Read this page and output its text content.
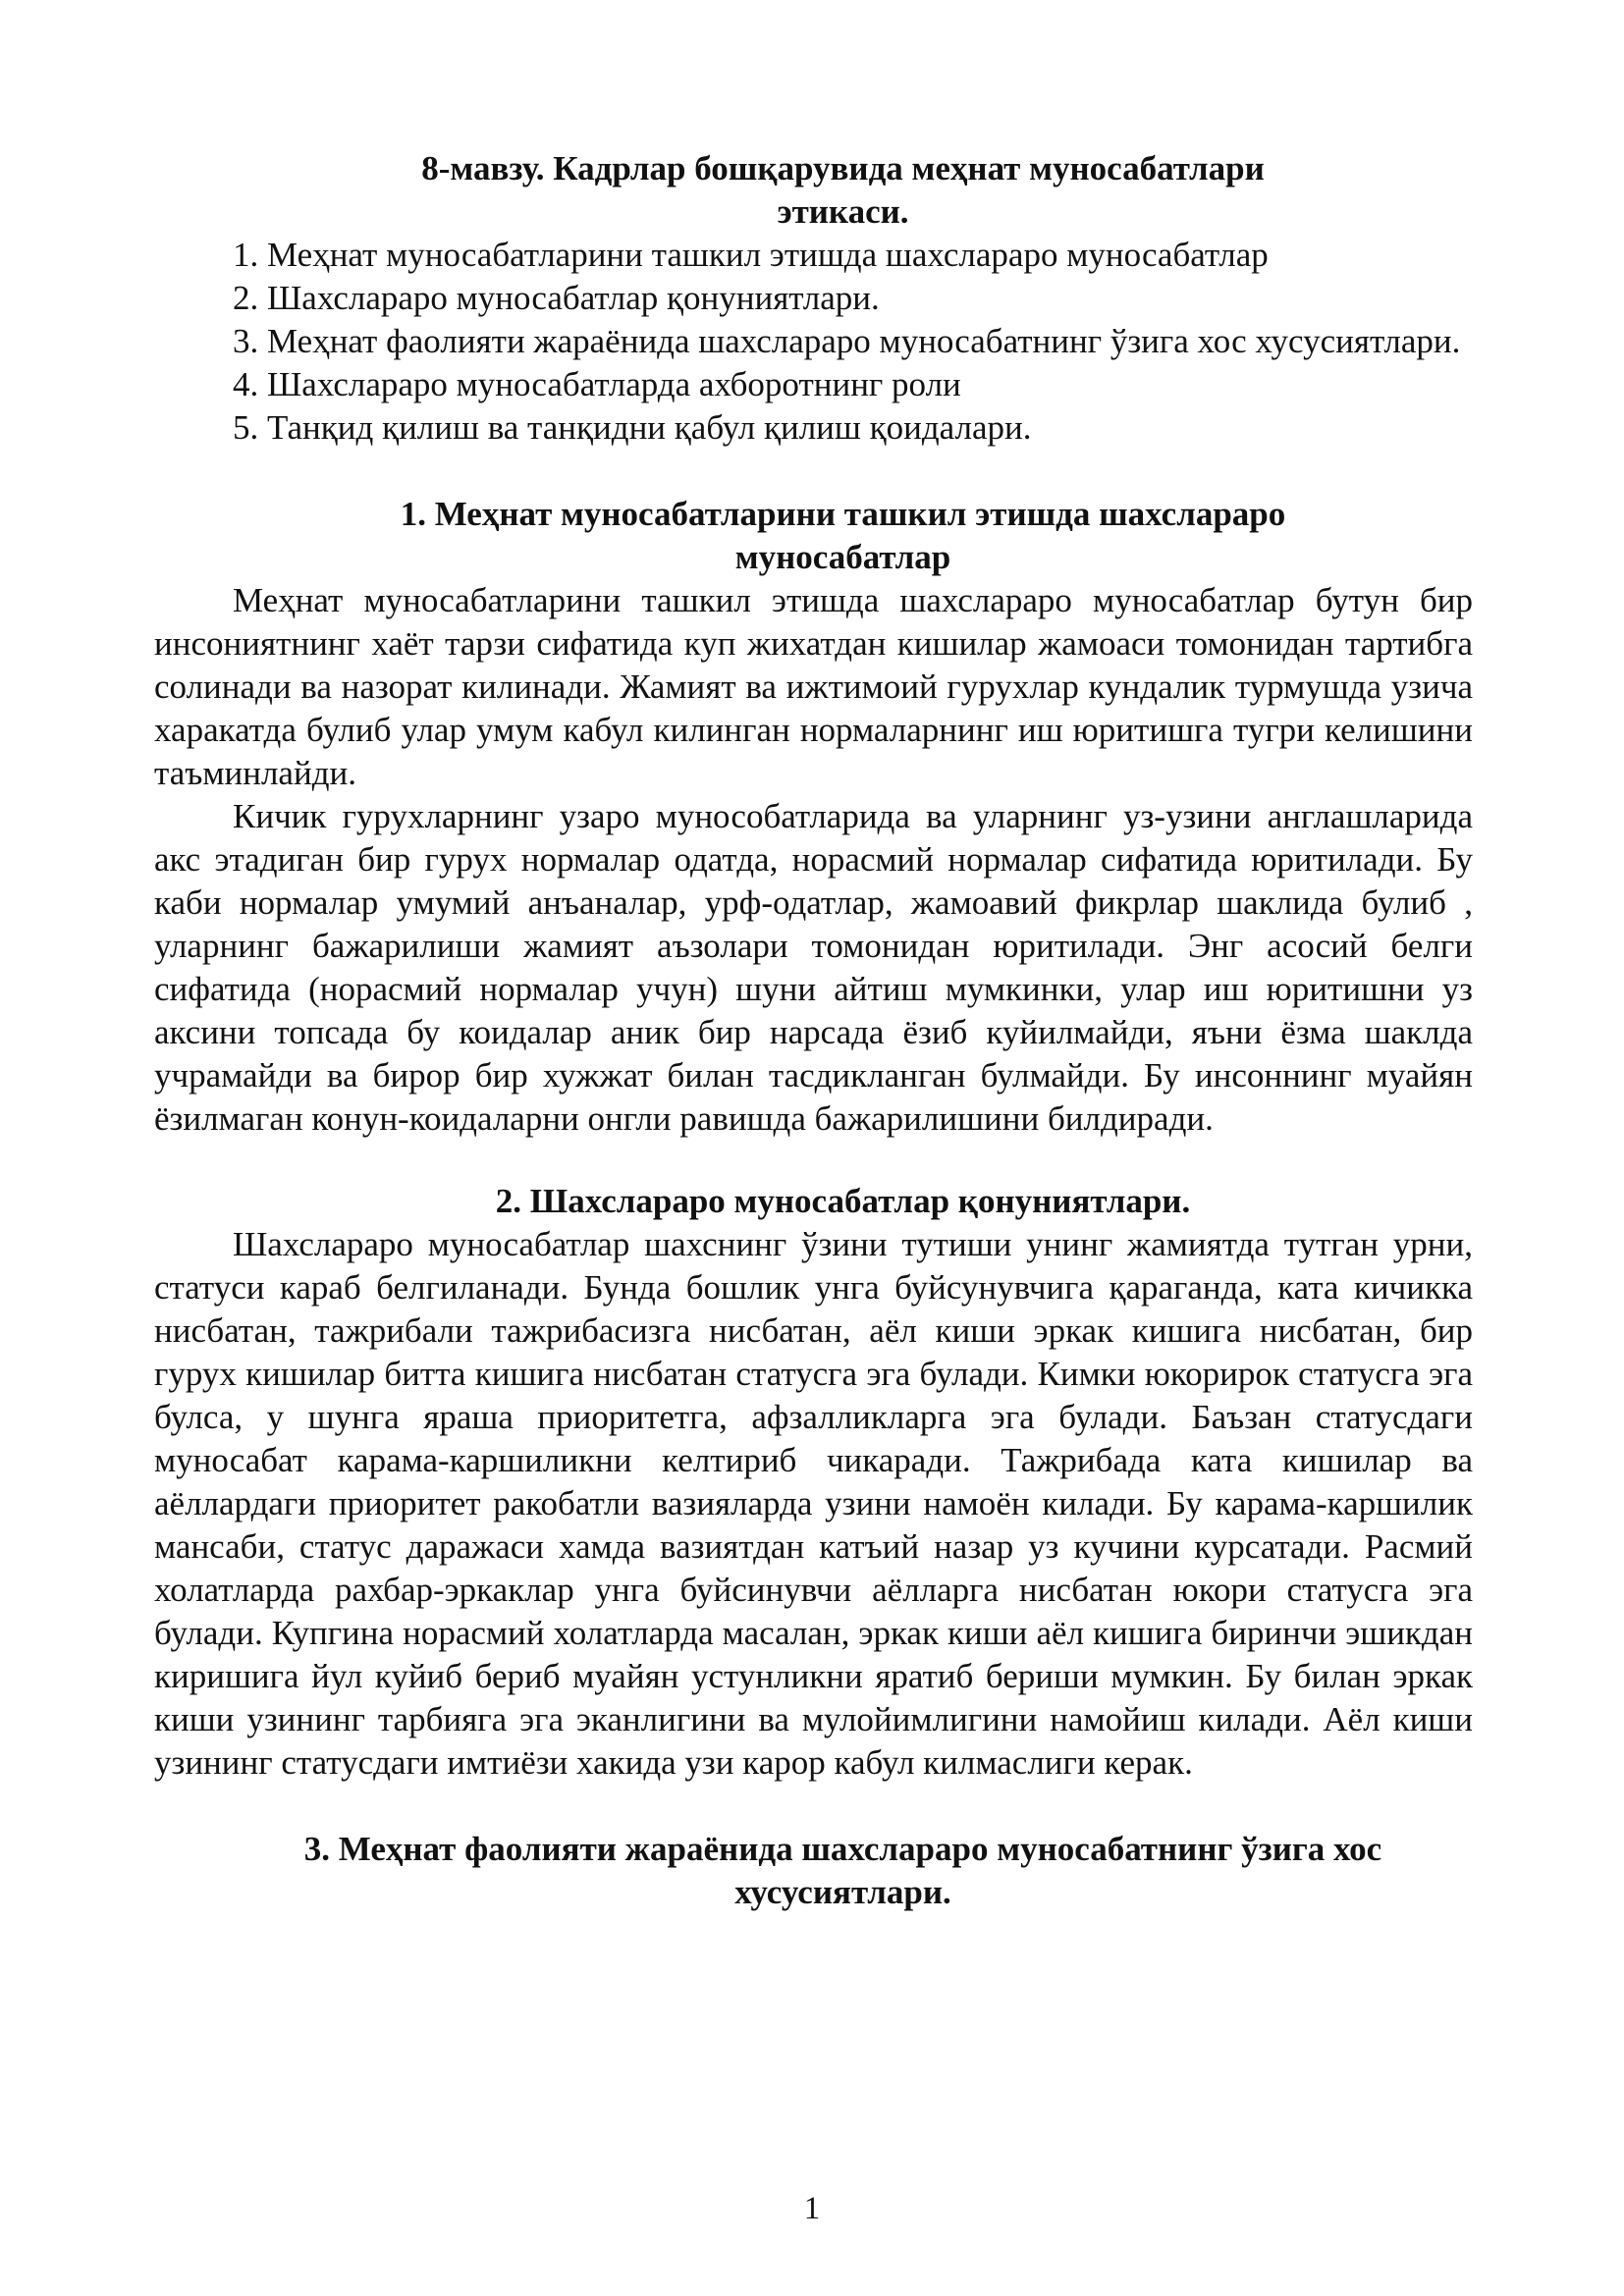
8-мавзу. Кадрлар бошқарувида меҳнат муносабатлари
этикаси.
1. Меҳнат муносабатларини ташкил этишда шахслараро муносабатлар
2. Шахслараро муносабатлар қонуниятлари.
3. Меҳнат фаолияти жараёнида шахслараро муносабатнинг ўзига хос хусусиятлари.
4. Шахслараро муносабатларда ахборотнинг роли
5. Танқид қилиш ва танқидни қабул қилиш қоидалари.
1. Меҳнат муносабатларини ташкил этишда шахслараро
муносабатлар

Меҳнат муносабатларини ташкил этишда шахслараро муносабатлар бутун бир инсониятнинг хаёт тарзи сифатида куп жихатдан кишилар жамоаси томонидан тартибга солинади ва назорат килинади. Жамият ва ижтимоий гурухлар кундалик турмушда узича харакатда булиб улар умум кабул килинган нормаларнинг иш юритишга тугри келишини таъминлайди.

Кичик гурухларнинг узаро мунособатларида ва уларнинг уз-узини англашларида акс этадиган бир гурух нормалар одатда, норасмий нормалар сифатида юритилади. Бу каби нормалар умумий анъаналар, урф-одатлар, жамоавий фикрлар шаклида булиб , уларнинг бажарилиши жамият аъзолари томонидан юритилади. Энг асосий белги сифатида (норасмий нормалар учун) шуни айтиш мумкинки, улар иш юритишни уз аксини топсада бу коидалар аник бир нарсада ёзиб куйилмайди, яъни ёзма шаклда учрамайди ва бирор бир хужжат билан тасдикланган булмайди. Бу инсоннинг муайян ёзилмаган конун-коидаларни онгли равишда бажарилишини билдиради.

2. Шахслараро муносабатлар қонуниятлари.

Шахслараро муносабатлар шахснинг ўзини тутиши унинг жамиятда тутган урни, статуси караб белгиланади. Бунда бошлик унга буйсунувчига қараганда, ката кичикка нисбатан, тажрибали тажрибасизга нисбатан, аёл киши эркак кишига нисбатан, бир гурух кишилар битта кишига нисбатан статусга эга булади. Кимки юкорирок статусга эга булса, у шунга яраша приоритетга, афзалликларга эга булади. Баъзан статусдаги муносабат карама-каршиликни келтириб чикаради. Тажрибада ката кишилар ва аёллардаги приоритет ракобатли вазияларда узини намоён килади. Бу карама-каршилик мансаби, статус даражаси хамда вазиятдан катъий назар уз кучини курсатади. Расмий холатларда рахбар-эркаклар унга буйсинувчи аёлларга нисбатан юкори статусга эга булади. Купгина норасмий холатларда масалан, эркак киши аёл кишига биринчи эшикдан киришига йул куйиб бериб муайян устунликни яратиб бериши мумкин. Бу билан эркак киши узининг тарбияга эга эканлигини ва мулойимлигини намойиш килади. Аёл киши узининг статусдаги имтиёзи хакида узи карор кабул килмаслиги керак.

3. Меҳнат фаолияти жараёнида шахслараро муносабатнинг ўзига хос
хусусиятлари.
1
